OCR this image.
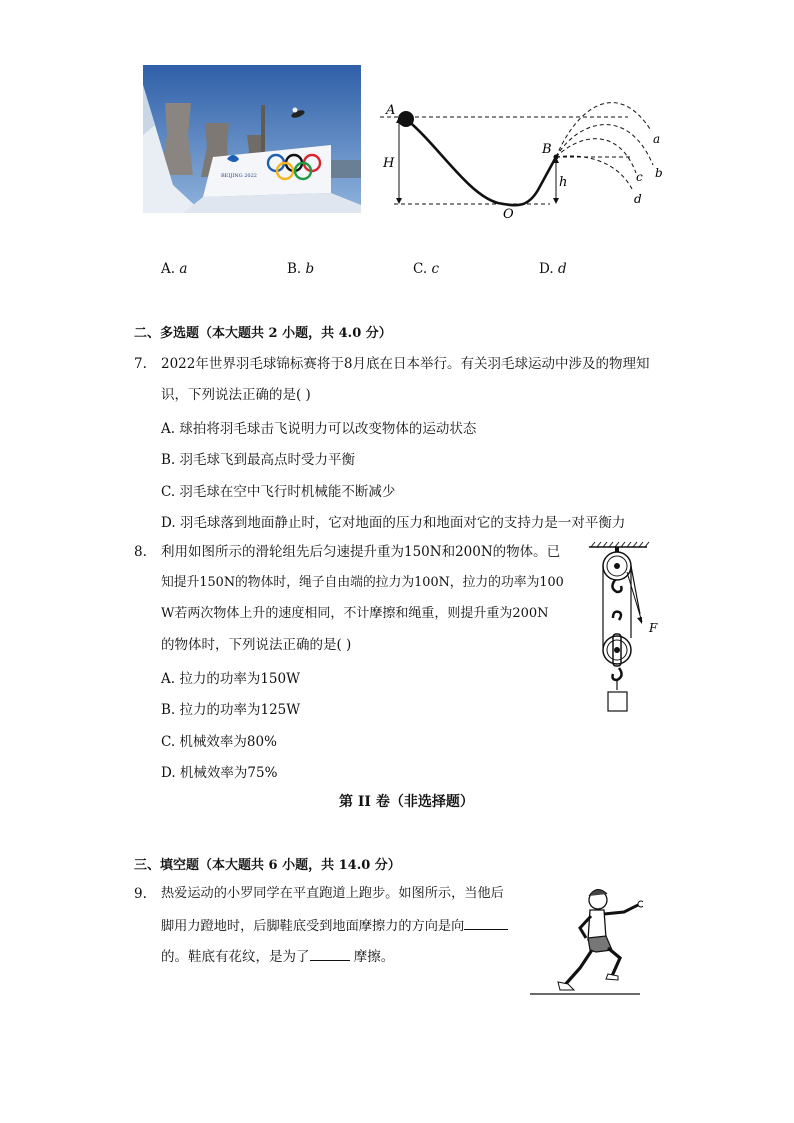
BEIJING 2022
A
H
O
B
h
a
b
c
d
A. a	B. b	C. c	D. d
二、多选题（本大题共 2 小题，共 4.0 分）
7. 2022年世界羽毛球锦标赛将于8月底在日本举行。有关羽毛球运动中涉及的物理知
识，下列说法正确的是( )
A. 球拍将羽毛球击飞说明力可以改变物体的运动状态
B. 羽毛球飞到最高点时受力平衡
C. 羽毛球在空中飞行时机械能不断减少
D. 羽毛球落到地面静止时，它对地面的压力和地面对它的支持力是一对平衡力
8. 利用如图所示的滑轮组先后匀速提升重为150N和200N的物体。已
知提升150N的物体时，绳子自由端的拉力为100N，拉力的功率为100
W若两次物体上升的速度相同，不计摩擦和绳重，则提升重为200N
的物体时，下列说法正确的是( )
A. 拉力的功率为150W
B. 拉力的功率为125W
C. 机械效率为80%
D. 机械效率为75%
F
第 II 卷（非选择题）
三、填空题（本大题共 6 小题，共 14.0 分）
9. 热爱运动的小罗同学在平直跑道上跑步。如图所示，当他后
脚用力蹬地时，后脚鞋底受到地面摩擦力的方向是向
的。鞋底有花纹，是为了	摩擦。
